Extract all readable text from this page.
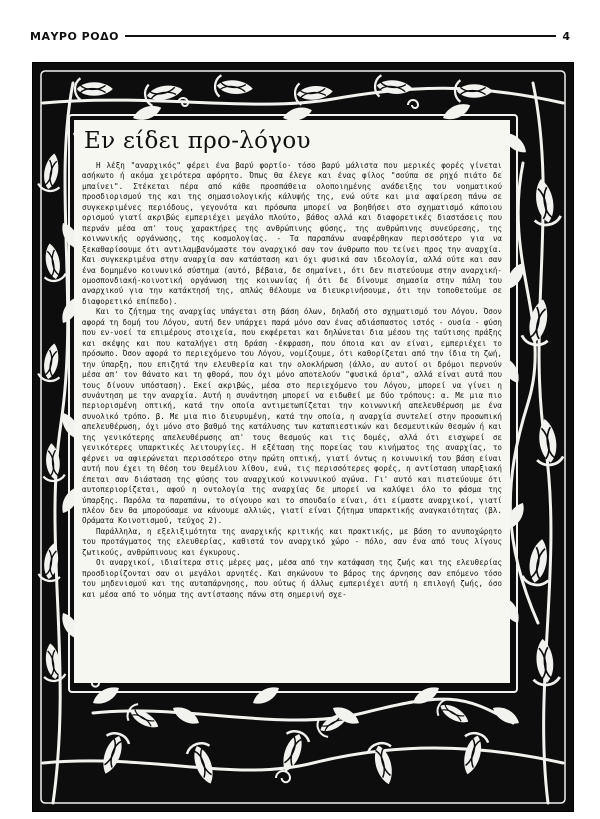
ΜΑΥΡΟ ΡΟΔΟ	4
Εν είδει προ-λόγου

Η λέξη "αναρχικός" φέρει ένα βαρύ φορτίο· τόσο βαρύ μάλιστα που μερικές φορές γίνεται ασήκωτο ή ακόμα χειρότερα αφόρητο. Όπως θα έλεγε και ένας φίλος "σούπα σε ρηχό πιάτο δε μπαίνει". Στέκεται πέρα από κάθε προσπάθεια ολοποιημένης ανάδειξης του νοηματικού προσδιορισμού της και της σημασιολογικής κάλυψής της, ενώ ούτε και μια αφαίρεση πάνω σε συγκεκριμένες περιόδους, γεγονότα και πρόσωπα μπορεί να βοηθήσει στο σχηματισμό κάποιου ορισμού γιατί ακριβώς εμπεριέχει μεγάλο πλούτο, βάθος αλλά και διαφορετικές διαστάσεις που περνάν μέσα απ' τους χαρακτήρες της ανθρώπινης φύσης, της ανθρώπινης συνεύρεσης, της κοινωνικής οργάνωσης, της κοσμολογίας. - Τα παραπάνω αναφέρθηκαν περισσότερο για να ξεκαθαρίσουμε ότι αντιλαμβανόμαστε τον αναρχικό σαν τον άνθρωπο που τείνει προς την αναρχία. Και συγκεκριμένα στην αναρχία σαν κατάσταση και όχι φυσικά σαν ιδεολογία, αλλά ούτε και σαν ένα δομημένο κοινωνικό σύστημα (αυτό, βέβαια, δε σημαίνει, ότι δεν πιστεύουμε στην αναρχική-ομοσπονδιακή-κοινοτική οργάνωση της κοινωνίας ή ότι δε δίνουμε σημασία στην πάλη του αναρχικού για την κατάκτησή της, απλώς θέλουμε να διευκρινήσουμε, ότι την τοποθετούμε σε διαφορετικό επίπεδο).

Και το ζήτημα της αναρχίας υπάγεται στη βάση όλων, δηλαδή στο σχηματισμό του Λόγου. Όσον αφορά τη δομή του Λόγου, αυτή δεν υπάρχει παρά μόνο σαν ένας αδιάσπαστος ιστός - ουσία - φύση που εν-νοεί τα επιμέρους στοιχεία, που εκφέρεται και δηλώνεται δια μέσου της ταύτισης πράξης και σκέψης και που καταλήγει στη δράση -έκφραση, που όποια και αν είναι, εμπεριέχει το πρόσωπο. Όσον αφορά το περιεχόμενο του Λόγου, νομίζουμε, ότι καθορίζεται από την ίδια τη ζωή, την ύπαρξη, που επιζητά την ελευθερία και την ολοκλήρωση (άλλο, αν αυτοί οι δρόμοι περνούν μέσα απ' τον θάνατο και τη φθορά, που όχι μόνο αποτελούν "φυσικά όρια", αλλά είναι αυτά που τους δίνουν υπόσταση). Εκεί ακριβώς, μέσα στο περιεχόμενο του Λόγου, μπορεί να γίνει η συνάντηση με την αναρχία. Αυτή η συνάντηση μπορεί να ειδωθεί με δύο τρόπους: α. Με μια πιο περιορισμένη οπτική, κατά την οποία αντιμετωπίζεται την κοινωνική απελευθέρωση με ένα συνολικό τρόπο. β. Με μια πιο διευρυμένη, κατά την οποία, η αναρχία συντελεί στην προσωπική απελευθέρωση, όχι μόνο στο βαθμό της κατάλυσης των καταπιεστικών και δεσμευτικών θεσμών ή και της γενικότερης απελευθέρωσης απ' τους θεσμούς και τις δομές, αλλά ότι εισχωρεί σε γενικότερες υπαρκτικές λειτουργίες. Η εξέταση της πορείας του κινήματος της αναρχίας, το φέρνει να αφιερώνεται περισσότερο στην πρώτη οπτική, γιατί όντως η κοινωνική του βάση είναι αυτή που έχει τη θέση του θεμέλιου λίθου, ενώ, τις περισσότερες φορές, η αντίσταση υπαρξιακή έπεται σαν διάσταση της φύσης του αναρχικού κοινωνικού αγώνα. Γι' αυτό και πιστεύουμε ότι αυτοπεριορίζεται, αφού η οντολογία της αναρχίας δε μπορεί να καλύψει όλο το φάσμα της ύπαρξης. Παρόλα τα παραπάνω, το σίγουρο και το σπουδαίο είναι, ότι είμαστε αναρχικοί, γιατί πλέον δεν θα μπορούσαμε να κάνουμε αλλιώς, γιατί είναι ζήτημα υπαρκτικής αναγκαιότητας (βλ. Οράματα Κοινοτισμού, τεύχος 2).

Παράλληλα, η εξελιξιμότητα της αναρχικής κριτικής και πρακτικής, με βάση το ανυποχώρητο του προτάγματος της ελευθερίας, καθιστά τον αναρχικό χώρο - πόλο, σαν ένα από τους λίγους ζωτικούς, ανθρώπινους και έγκυρους.

Οι αναρχικοί, ιδιαίτερα στις μέρες μας, μέσα από την κατάφαση της ζωής και της ελευθερίας προσδιορίζονται σαν οι μεγάλοι αρνητές. Και σηκώνουν το βάρος της άρνησης σαν επόμενο τόσο του μηδενισμού και της αυταπάρνησης, που ούτως ή άλλως εμπεριέχει αυτή η επιλογή ζωής, όσο και μέσα από το νόημα της αντίστασης πάνω στη σημερινή σχε-
